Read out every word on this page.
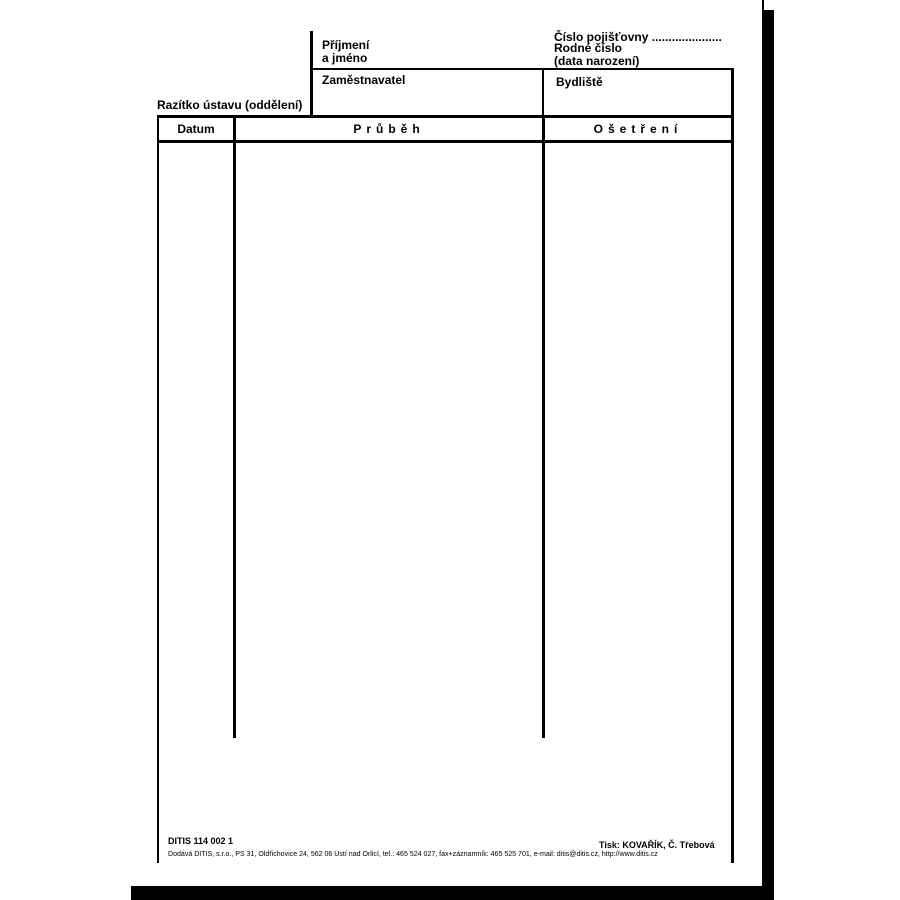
Příjmení
a jméno
Číslo pojišťovny .....................
Rodné číslo
(data narození)
Zaměstnavatel	Bydliště
Razítko ústavu (oddělení)
Datum	Průběh	Ošetření
DITIS 114 002 1	Tisk: KOVAŘÍK, Č. Třebová
Dodává DITIS, s.r.o., PS 31, Oldřichovice 24, 562 06 Ústí nad Orlicí, tel.: 465 524 027, fax+záznamník: 465 525 701, e-mail: ditis@ditis.cz, http://www.ditis.cz
